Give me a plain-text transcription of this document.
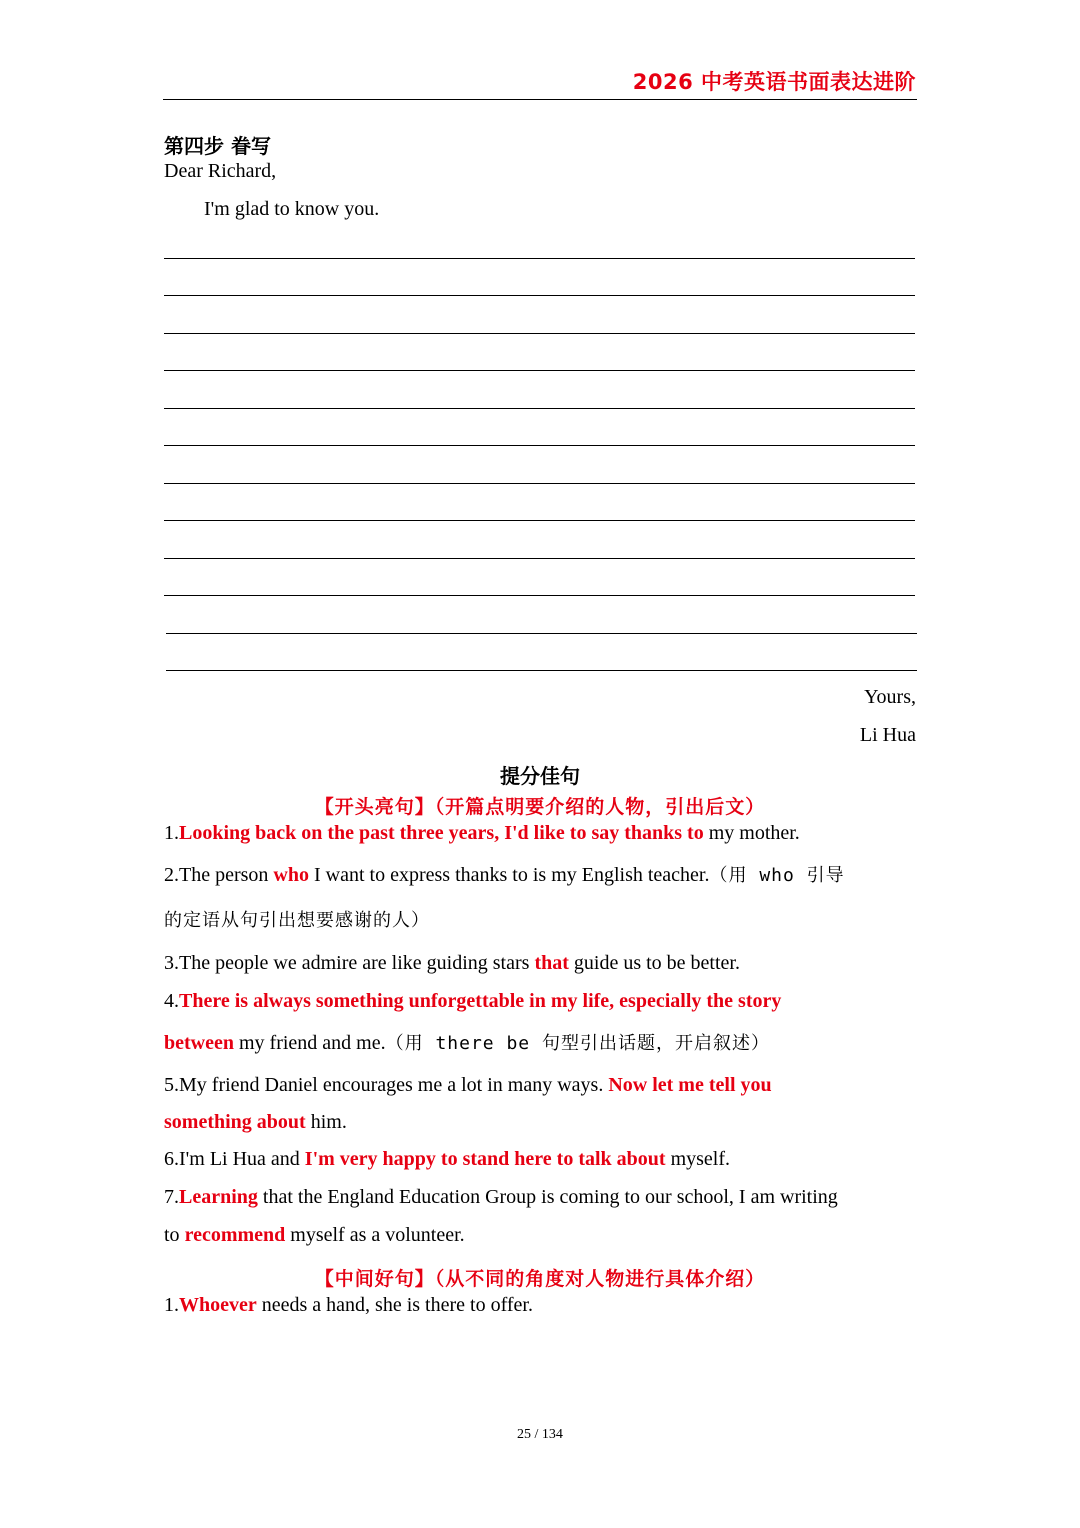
2026 中考英语书面表达进阶
第四步 眷写
Dear Richard,
I'm glad to know you.
Yours,
Li Hua
提分佳句
【开头亮句】（开篇点明要介绍的人物，引出后文）
1.Looking back on the past three years, I'd like to say thanks to my mother.
2.The person who I want to express thanks to is my English teacher.（用 who 引导
的定语从句引出想要感谢的人）
3.The people we admire are like guiding stars that guide us to be better.
4.There is always something unforgettable in my life, especially the story
between my friend and me.（用 there be 句型引出话题，开启叙述）
5.My friend Daniel encourages me a lot in many ways. Now let me tell you
something about him.
6.I'm Li Hua and I'm very happy to stand here to talk about myself.
7.Learning that the England Education Group is coming to our school, I am writing
to recommend myself as a volunteer.
【中间好句】（从不同的角度对人物进行具体介绍）
1.Whoever needs a hand, she is there to offer.
25 / 134
